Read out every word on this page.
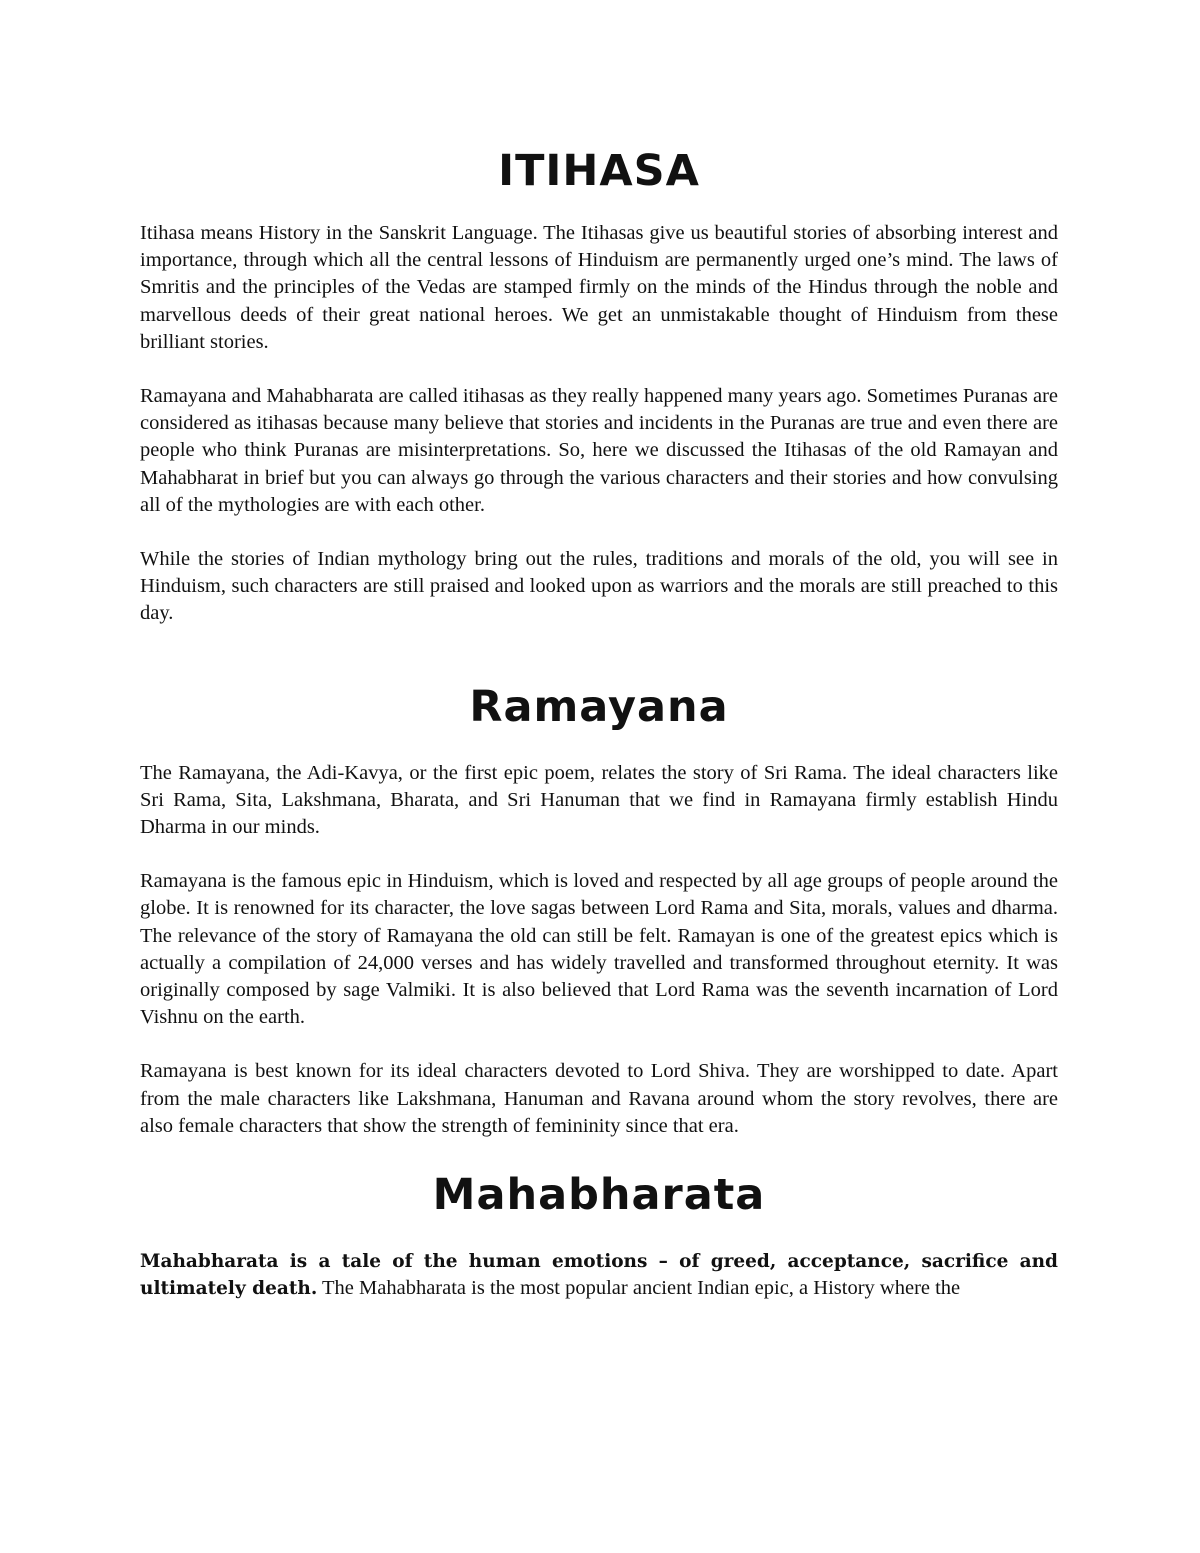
ITIHASA

Itihasa means History in the Sanskrit Language. The Itihasas give us beautiful stories of absorbing interest and importance, through which all the central lessons of Hinduism are permanently urged one’s mind. The laws of Smritis and the principles of the Vedas are stamped firmly on the minds of the Hindus through the noble and marvellous deeds of their great national heroes. We get an unmistakable thought of Hinduism from these brilliant stories.

Ramayana and Mahabharata are called itihasas as they really happened many years ago. Sometimes Puranas are considered as itihasas because many believe that stories and incidents in the Puranas are true and even there are people who think Puranas are misinterpretations. So, here we discussed the Itihasas of the old Ramayan and Mahabharat in brief but you can always go through the various characters and their stories and how convulsing all of the mythologies are with each other.

While the stories of Indian mythology bring out the rules, traditions and morals of the old, you will see in Hinduism, such characters are still praised and looked upon as warriors and the morals are still preached to this day.

Ramayana

The Ramayana, the Adi-Kavya, or the first epic poem, relates the story of Sri Rama. The ideal characters like Sri Rama, Sita, Lakshmana, Bharata, and Sri Hanuman that we find in Ramayana firmly establish Hindu Dharma in our minds.

Ramayana is the famous epic in Hinduism, which is loved and respected by all age groups of people around the globe. It is renowned for its character, the love sagas between Lord Rama and Sita, morals, values and dharma. The relevance of the story of Ramayana the old can still be felt. Ramayan is one of the greatest epics which is actually a compilation of 24,000 verses and has widely travelled and transformed throughout eternity. It was originally composed by sage Valmiki. It is also believed that Lord Rama was the seventh incarnation of Lord Vishnu on the earth.

Ramayana is best known for its ideal characters devoted to Lord Shiva. They are worshipped to date. Apart from the male characters like Lakshmana, Hanuman and Ravana around whom the story revolves, there are also female characters that show the strength of femininity since that era.

Mahabharata

Mahabharata is a tale of the human emotions – of greed, acceptance, sacrifice and ultimately death. The Mahabharata is the most popular ancient Indian epic, a History where the
